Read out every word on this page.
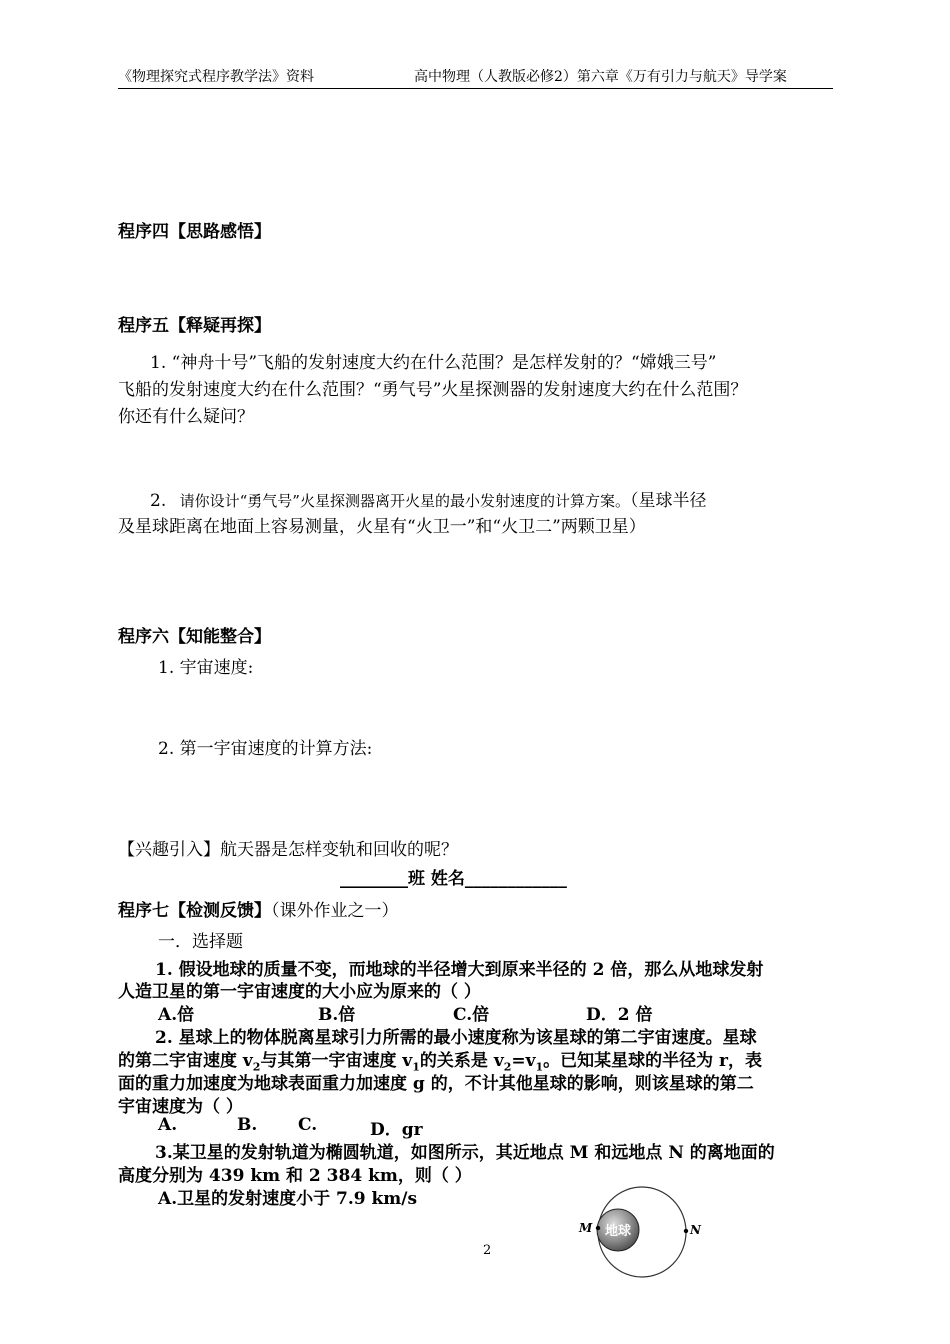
《物理探究式程序教学法》资料	高中物理（人教版必修2）第六章《万有引力与航天》导学案
程序四【思路感悟】
程序五【释疑再探】
1. “神舟十号”飞船的发射速度大约在什么范围？是怎样发射的？“嫦娥三号”
飞船的发射速度大约在什么范围？“勇气号”火星探测器的发射速度大约在什么范围？
你还有什么疑问？
2. 请你设计“勇气号”火星探测器离开火星的最小发射速度的计算方案。（星球半径
及星球距离在地面上容易测量，火星有“火卫一”和“火卫二”两颗卫星）
程序六【知能整合】
1. 宇宙速度:
2. 第一宇宙速度的计算方法:
【兴趣引入】航天器是怎样变轨和回收的呢？
________班 姓名____________
程序七【检测反馈】（课外作业之一）
一．选择题
1. 假设地球的质量不变，而地球的半径增大到原来半径的 2 倍，那么从地球发射
人造卫星的第一宇宙速度的大小应为原来的（ ）
A.倍	B.倍	C.倍	D．2 倍
2. 星球上的物体脱离星球引力所需的最小速度称为该星球的第二宇宙速度。星球
的第二宇宙速度 $v_2$与其第一宇宙速度 $v_1$的关系是 $v_2=v_1$。已知某星球的半径为 r，表
面的重力加速度为地球表面重力加速度 g 的，不计其他星球的影响，则该星球的第二
宇宙速度为（ ）
A.	B. C.	D．gr
3.某卫星的发射轨道为椭圆轨道，如图所示，其近地点 M 和远地点 N 的离地面的
高度分别为 439 km 和 2 384 km，则（ ）
A.卫星的发射速度小于 7.9 km/s
地球
M	N
2
